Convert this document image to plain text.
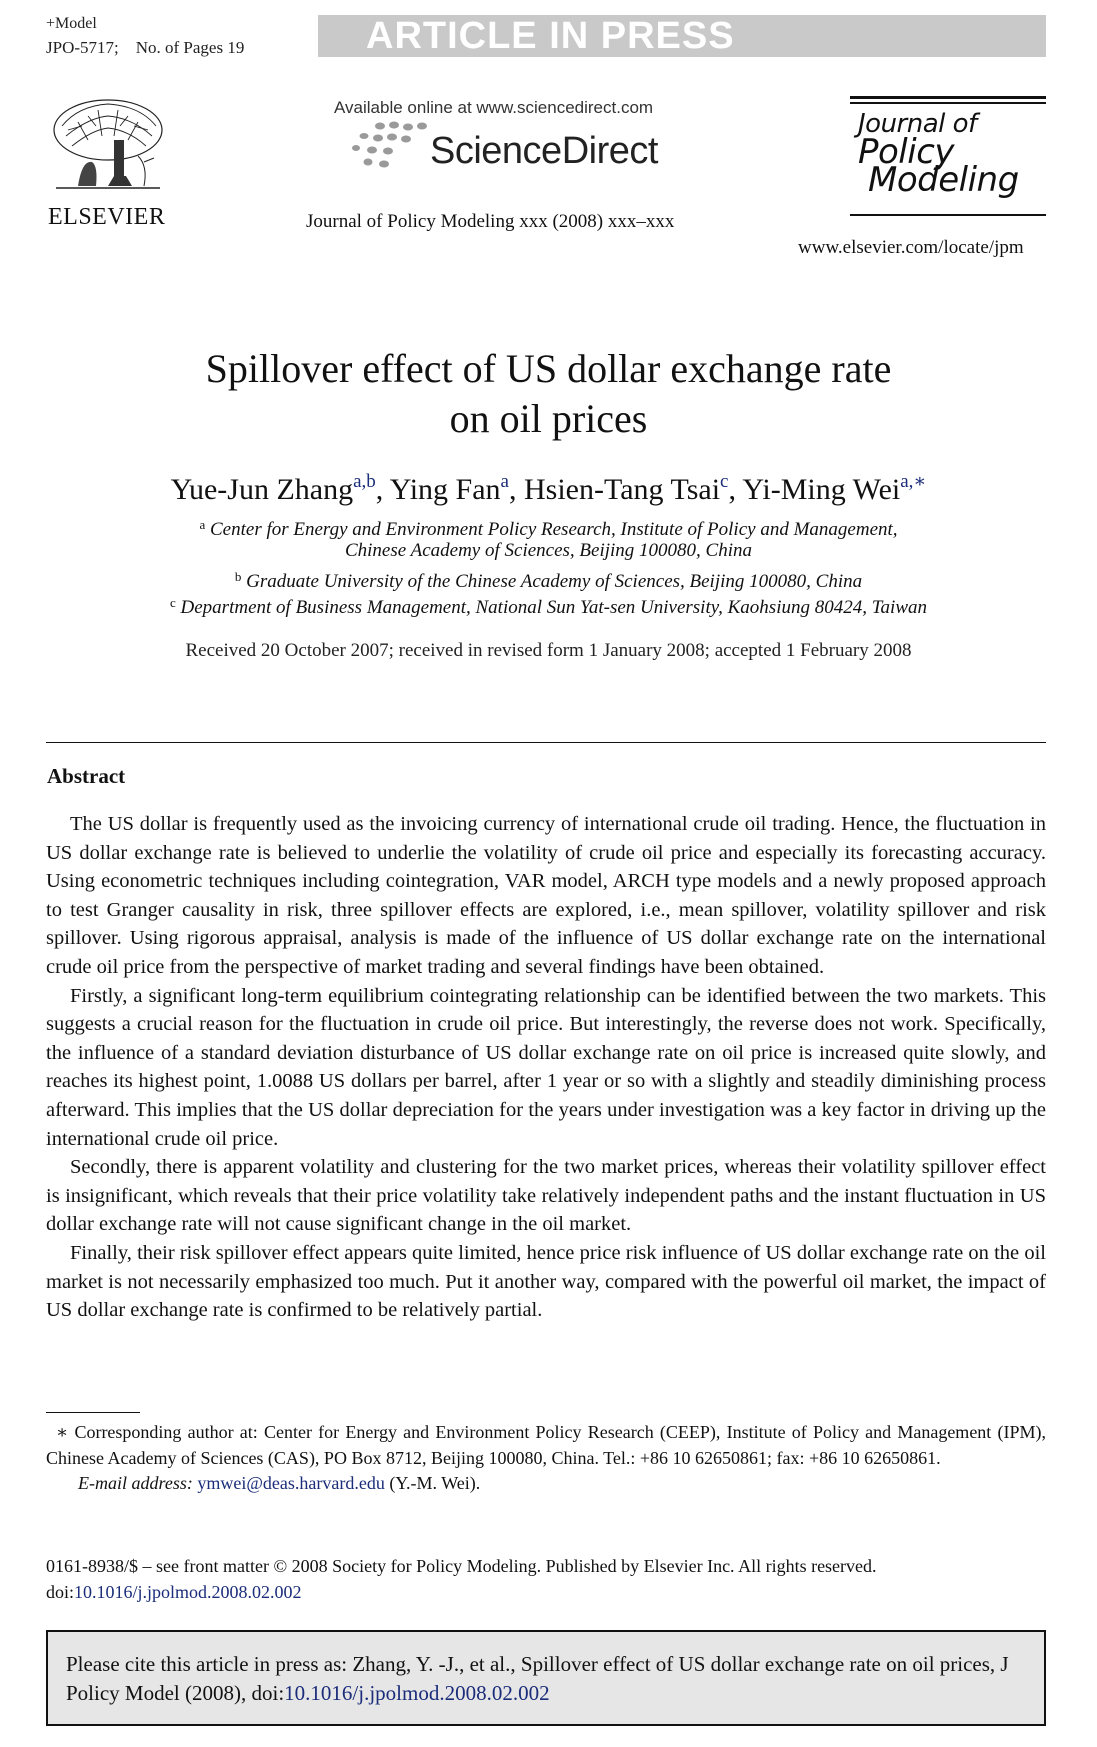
+Model
JPO-5717; No. of Pages 19	ARTICLE IN PRESS
ELSEVIER
Available online at www.sciencedirect.com
ScienceDirect
Journal of Policy Modeling xxx (2008) xxx–xxx
Journal of
Policy
Modeling
www.elsevier.com/locate/jpm
Spillover effect of US dollar exchange rate
on oil prices
Yue-Jun Zhang$^{a,b}$, Ying Fan$^a$, Hsien-Tang Tsai$^c$, Yi-Ming Wei$^{a,∗}$
$^a$ Center for Energy and Environment Policy Research, Institute of Policy and Management,
Chinese Academy of Sciences, Beijing 100080, China
$^b$ Graduate University of the Chinese Academy of Sciences, Beijing 100080, China
$^c$ Department of Business Management, National Sun Yat-sen University, Kaohsiung 80424, Taiwan
Received 20 October 2007; received in revised form 1 January 2008; accepted 1 February 2008
Abstract

The US dollar is frequently used as the invoicing currency of international crude oil trading. Hence, the fluctuation in US dollar exchange rate is believed to underlie the volatility of crude oil price and especially its forecasting accuracy. Using econometric techniques including cointegration, VAR model, ARCH type models and a newly proposed approach to test Granger causality in risk, three spillover effects are explored, i.e., mean spillover, volatility spillover and risk spillover. Using rigorous appraisal, analysis is made of the influence of US dollar exchange rate on the international crude oil price from the perspective of market trading and several findings have been obtained.

Firstly, a significant long-term equilibrium cointegrating relationship can be identified between the two markets. This suggests a crucial reason for the fluctuation in crude oil price. But interestingly, the reverse does not work. Specifically, the influence of a standard deviation disturbance of US dollar exchange rate on oil price is increased quite slowly, and reaches its highest point, 1.0088 US dollars per barrel, after 1 year or so with a slightly and steadily diminishing process afterward. This implies that the US dollar depreciation for the years under investigation was a key factor in driving up the international crude oil price.

Secondly, there is apparent volatility and clustering for the two market prices, whereas their volatility spillover effect is insignificant, which reveals that their price volatility take relatively independent paths and the instant fluctuation in US dollar exchange rate will not cause significant change in the oil market.

Finally, their risk spillover effect appears quite limited, hence price risk influence of US dollar exchange rate on the oil market is not necessarily emphasized too much. Put it another way, compared with the powerful oil market, the impact of US dollar exchange rate is confirmed to be relatively partial.

∗ Corresponding author at: Center for Energy and Environment Policy Research (CEEP), Institute of Policy and Management (IPM), Chinese Academy of Sciences (CAS), PO Box 8712, Beijing 100080, China. Tel.: +86 10 62650861; fax: +86 10 62650861.

E-mail address: ymwei@deas.harvard.edu (Y.-M. Wei).

0161-8938/$ – see front matter © 2008 Society for Policy Modeling. Published by Elsevier Inc. All rights reserved.
doi:10.1016/j.jpolmod.2008.02.002
Please cite this article in press as: Zhang, Y. -J., et al., Spillover effect of US dollar exchange rate on oil prices, J Policy Model (2008), doi:10.1016/j.jpolmod.2008.02.002
